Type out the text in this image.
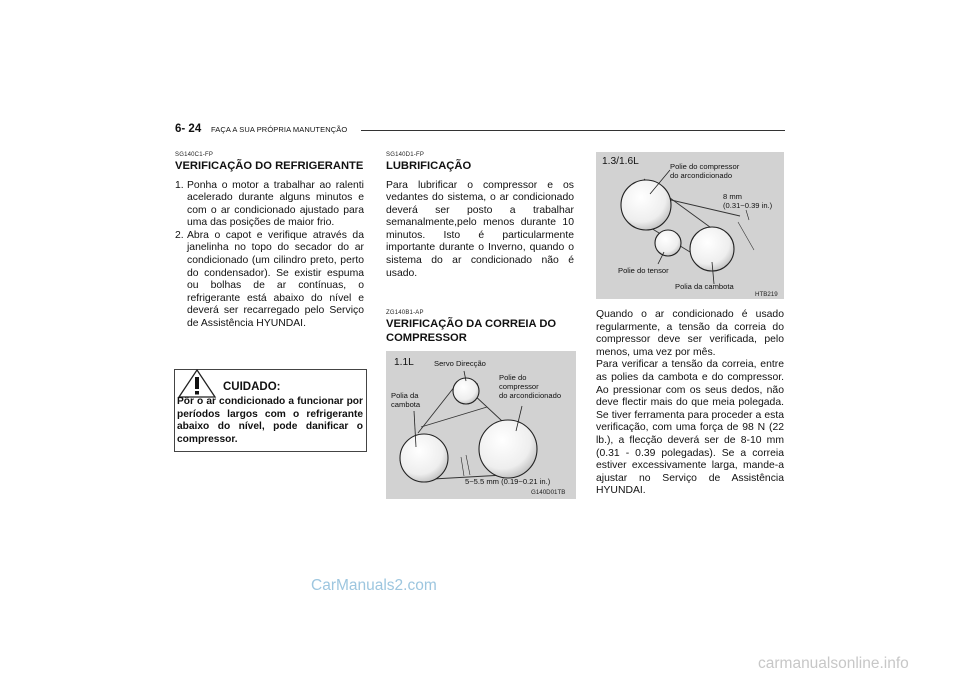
6- 24 FAÇA A SUA PRÓPRIA MANUTENÇÃO
SG140C1-FP
VERIFICAÇÃO DO REFRIGERANTE
1. Ponha o motor a trabalhar ao ralenti acelerado durante alguns minutos e com o ar condicionado ajustado para uma das posições de maior frio.
2. Abra o capot e verifique através da janelinha no topo do secador do ar condicionado (um cilindro preto, perto do condensador). Se existir espuma ou bolhas de ar contínuas, o refrigerante está abaixo do nível e deverá ser recarregado pelo Serviço de Assistência HYUNDAI.
CUIDADO:
Pôr o ar condicionado a funcionar por períodos largos com o refrigerante abaixo do nível, pode danificar o compressor.
SG140D1-FP
LUBRIFICAÇÃO
Para lubrificar o compressor e os vedantes do sistema, o ar condicionado deverá ser posto a trabalhar semanalmente,pelo menos durante 10 minutos. Isto é particularmente importante durante o Inverno, quando o sistema do ar condicionado não é usado.
ZG140B1-AP
VERIFICAÇÃO DA CORREIA DO COMPRESSOR
1.1L	Servo Direcção
Polia da
cambota
Polie do
compressor
do arcondicionado
5~5.5 mm (0.19~0.21 in.)
G140D01TB
1.3/1.6L	Polie do compressor
do arcondicionado
8 mm
(0.31~0.39 in.)
Polie do tensor
Polia da cambota
HTB219
Quando o ar condicionado é usado regularmente, a tensão da correia do compressor deve ser verificada, pelo menos, uma vez por mês.
Para verificar a tensão da correia, entre as polies da cambota e do compressor. Ao pressionar com os seus dedos, não deve flectir mais do que meia polegada. Se tiver ferramenta para proceder a esta verificação, com uma força de 98 N (22 lb.), a flecção deverá ser de 8-10 mm (0.31 - 0.39 polegadas). Se a correia estiver excessivamente larga, mande-a ajustar no Serviço de Assistência HYUNDAI.
CarManuals2.com
carmanualsonline.info
